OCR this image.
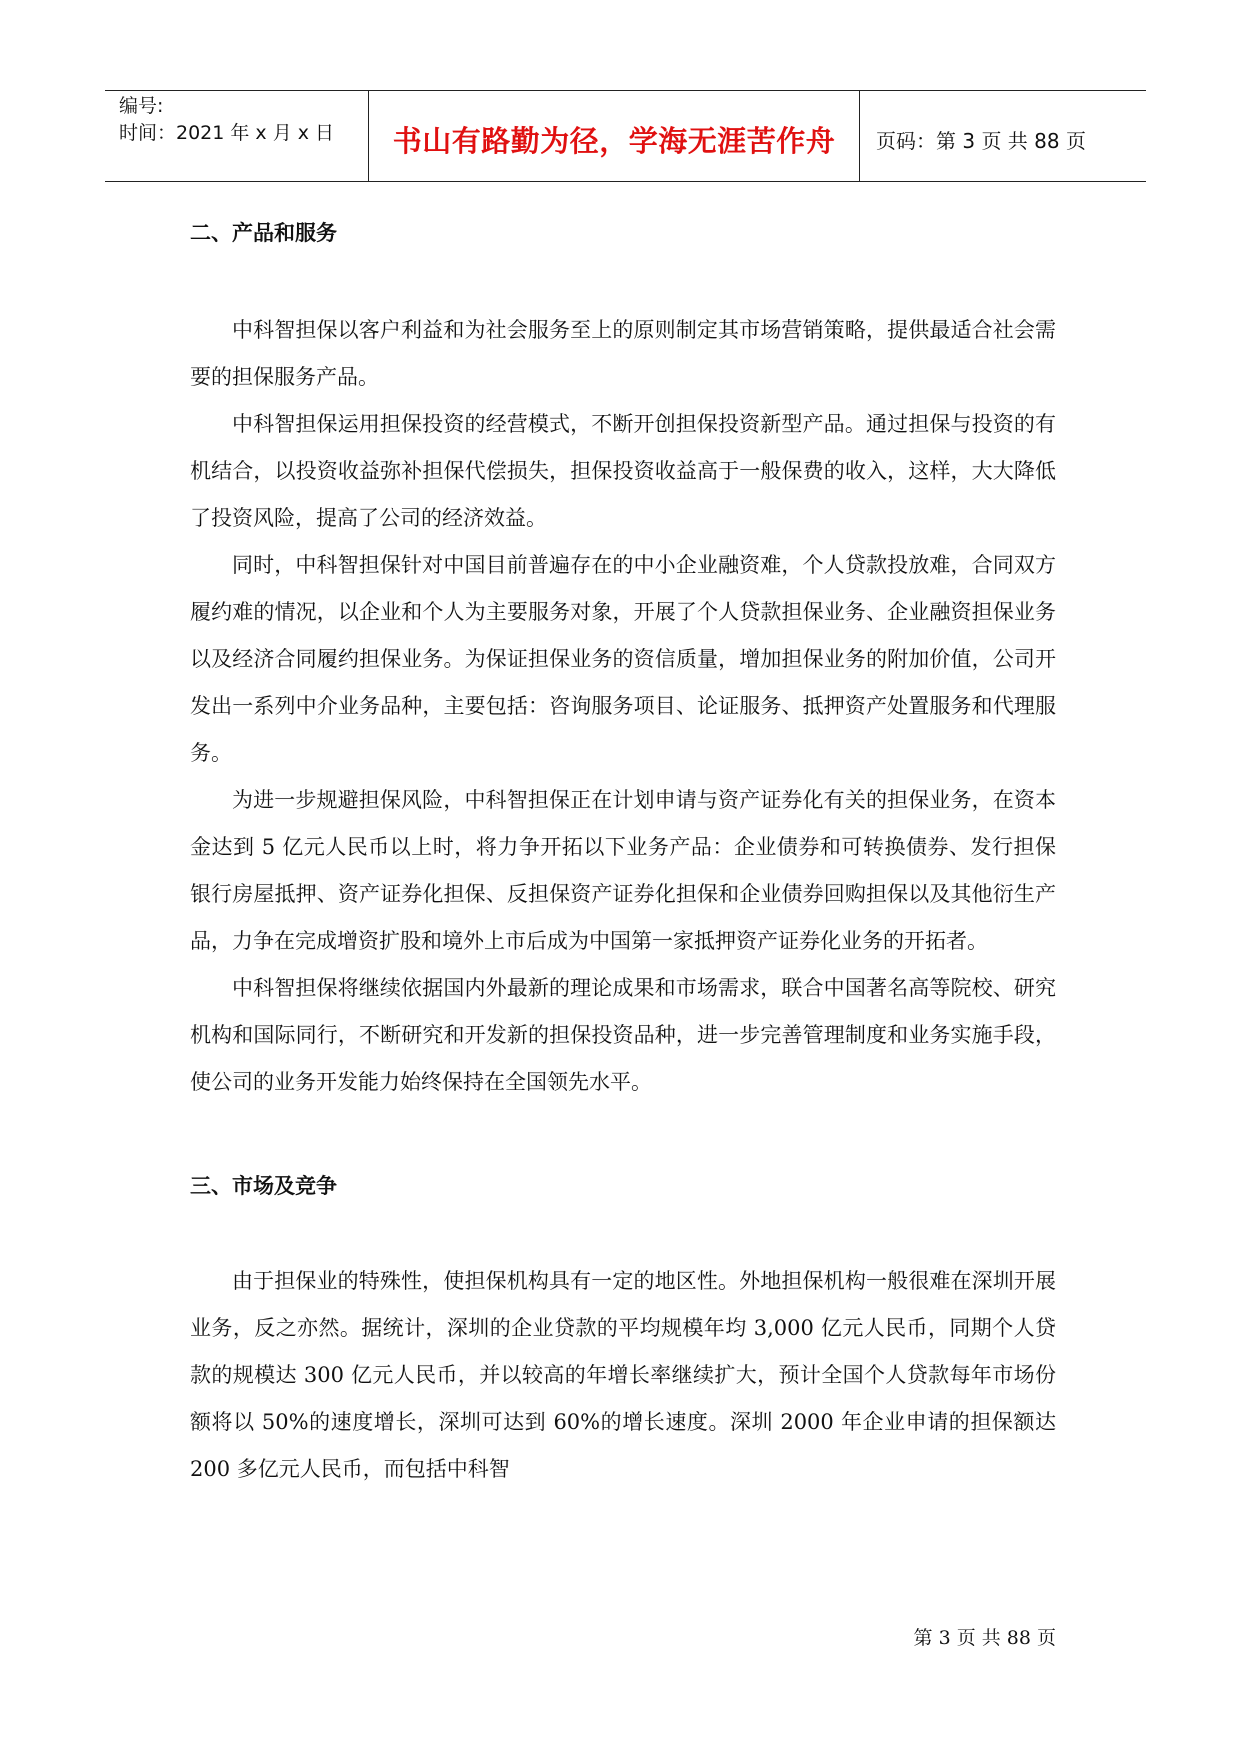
编号:
时间：2021 年 x 月 x 日	书山有路勤为径，学海无涯苦作舟	页码：第 3 页 共 88 页
二、产品和服务

中科智担保以客户利益和为社会服务至上的原则制定其市场营销策略，提供最适合社会需要的担保服务产品。

中科智担保运用担保投资的经营模式，不断开创担保投资新型产品。通过担保与投资的有机结合，以投资收益弥补担保代偿损失，担保投资收益高于一般保费的收入，这样，大大降低了投资风险，提高了公司的经济效益。

同时，中科智担保针对中国目前普遍存在的中小企业融资难，个人贷款投放难，合同双方履约难的情况，以企业和个人为主要服务对象，开展了个人贷款担保业务、企业融资担保业务以及经济合同履约担保业务。为保证担保业务的资信质量，增加担保业务的附加价值，公司开发出一系列中介业务品种，主要包括：咨询服务项目、论证服务、抵押资产处置服务和代理服务。

为进一步规避担保风险，中科智担保正在计划申请与资产证券化有关的担保业务，在资本金达到 5 亿元人民币以上时，将力争开拓以下业务产品：企业债券和可转换债券、发行担保银行房屋抵押、资产证券化担保、反担保资产证券化担保和企业债券回购担保以及其他衍生产品，力争在完成增资扩股和境外上市后成为中国第一家抵押资产证券化业务的开拓者。

中科智担保将继续依据国内外最新的理论成果和市场需求，联合中国著名高等院校、研究机构和国际同行，不断研究和开发新的担保投资品种，进一步完善管理制度和业务实施手段，使公司的业务开发能力始终保持在全国领先水平。

三、市场及竞争

由于担保业的特殊性，使担保机构具有一定的地区性。外地担保机构一般很难在深圳开展业务，反之亦然。据统计，深圳的企业贷款的平均规模年均 3,000 亿元人民币，同期个人贷款的规模达 300 亿元人民币，并以较高的年增长率继续扩大，预计全国个人贷款每年市场份额将以 50%的速度增长，深圳可达到 60%的增长速度。深圳 2000 年企业申请的担保额达 200 多亿元人民币，而包括中科智

第 3 页 共 88 页
